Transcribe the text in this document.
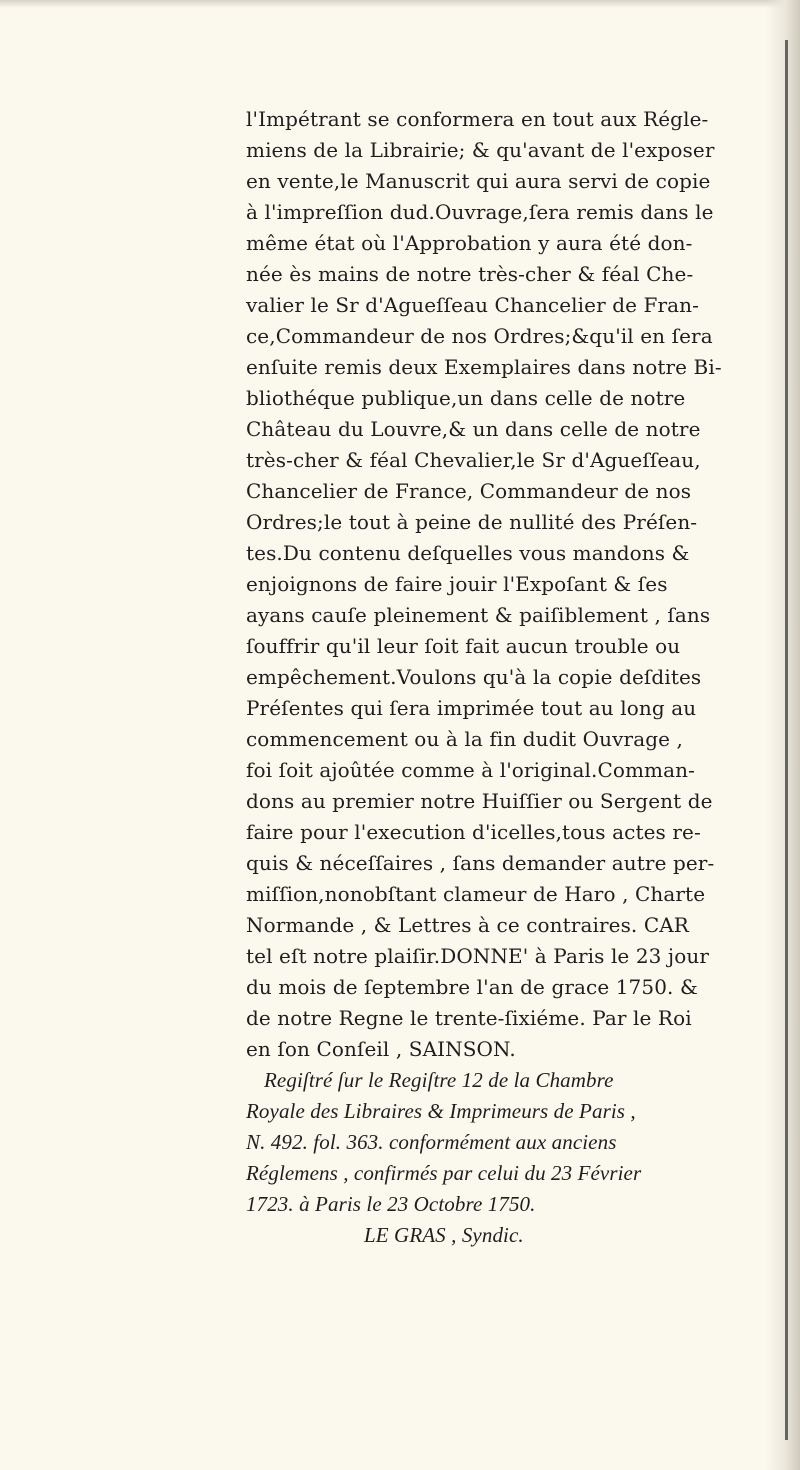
l'Impétrant se conformera en tout aux Régle-
miens de la Librairie; & qu'avant de l'exposer
en vente,le Manuscrit qui aura servi de copie
à l'impreſſion dud.Ouvrage,ſera remis dans le
même état où l'Approbation y aura été don-
née ès mains de notre très-cher & féal Che-
valier le Sr d'Agueſſeau Chancelier de Fran-
ce,Commandeur de nos Ordres;&qu'il en ſera
enſuite remis deux Exemplaires dans notre Bi-
bliothéque publique,un dans celle de notre
Château du Louvre,& un dans celle de notre
très-cher & féal Chevalier,le Sr d'Agueſſeau,
Chancelier de France, Commandeur de nos
Ordres;le tout à peine de nullité des Préſen-
tes.Du contenu deſquelles vous mandons &
enjoignons de faire jouir l'Expoſant & ſes
ayans cauſe pleinement & paiſiblement , ſans
ſouffrir qu'il leur ſoit fait aucun trouble ou
empêchement.Voulons qu'à la copie deſdites
Préſentes qui ſera imprimée tout au long au
commencement ou à la fin dudit Ouvrage ,
foi ſoit ajoûtée comme à l'original.Comman-
dons au premier notre Huiſſier ou Sergent de
faire pour l'execution d'icelles,tous actes re-
quis & néceſſaires , ſans demander autre per-
miſſion,nonobſtant clameur de Haro , Charte
Normande , & Lettres à ce contraires. CAR
tel eſt notre plaiſir.DONNE' à Paris le 23 jour
du mois de ſeptembre l'an de grace 1750. &
de notre Regne le trente-ſixiéme. Par le Roi
en ſon Conſeil , SAINSON.
Regiſtré ſur le Regiſtre 12 de la Chambre
Royale des Libraires & Imprimeurs de Paris ,
N. 492. fol. 363. conformément aux anciens
Réglemens , confirmés par celui du 23 Février
1723. à Paris le 23 Octobre 1750.
LE GRAS , Syndic.
